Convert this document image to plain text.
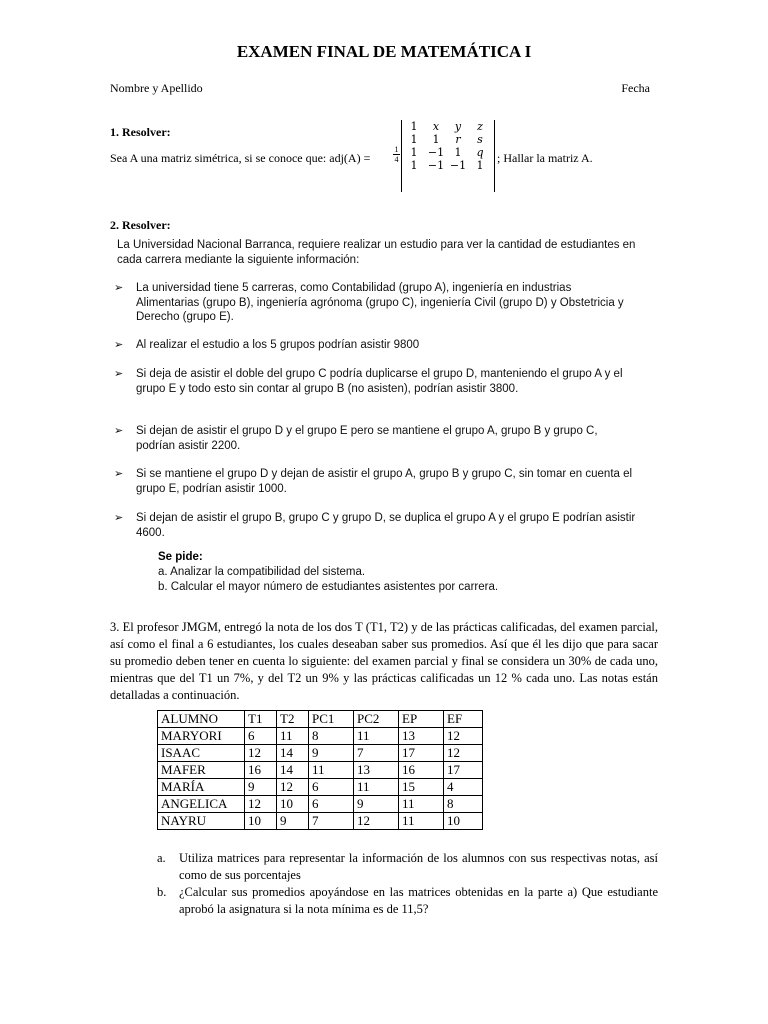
EXAMEN FINAL DE MATEMÁTICA I
Nombre y Apellido	Fecha
1. Resolver:
Sea A una matriz simétrica, si se conoce que: adj(A) =
1
4
1	x	y	z
1	1	r	s
1	−1	1	q
1	−1	−1	1
; Hallar la matriz A.
2. Resolver:
La Universidad Nacional Barranca, requiere realizar un estudio para ver la cantidad de estudiantes en cada carrera mediante la siguiente información:
➢ La universidad tiene 5 carreras, como Contabilidad (grupo A), ingeniería en industrias Alimentarias (grupo B), ingeniería agrónoma (grupo C), ingeniería Civil (grupo D) y Obstetricia y Derecho (grupo E).
➢ Al realizar el estudio a los 5 grupos podrían asistir 9800
➢ Si deja de asistir el doble del grupo C podría duplicarse el grupo D, manteniendo el grupo A y el grupo E y todo esto sin contar al grupo B (no asisten), podrían asistir 3800.
➢ Si dejan de asistir el grupo D y el grupo E pero se mantiene el grupo A, grupo B y grupo C, podrían asistir 2200.
➢ Si se mantiene el grupo D y dejan de asistir el grupo A, grupo B y grupo C, sin tomar en cuenta el grupo E, podrían asistir 1000.
➢ Si dejan de asistir el grupo B, grupo C y grupo D, se duplica el grupo A y el grupo E podrían asistir 4600.
Se pide:
a. Analizar la compatibilidad del sistema.
b. Calcular el mayor número de estudiantes asistentes por carrera.
3. El profesor JMGM, entregó la nota de los dos T (T1, T2) y de las prácticas calificadas, del examen parcial, así como el final a 6 estudiantes, los cuales deseaban saber sus promedios. Así que él les dijo que para sacar su promedio deben tener en cuenta lo siguiente: del examen parcial y final se considera un 30% de cada uno, mientras que del T1 un 7%, y del T2 un 9% y las prácticas calificadas un 12 % cada uno. Las notas están detalladas a continuación.
ALUMNO	T1	T2	PC1	PC2	EP	EF
MARYORI	6	11	8	11	13	12
ISAAC	12	14	9	7	17	12
MAFER	16	14	11	13	16	17
MARÍA	9	12	6	11	15	4
ANGELICA	12	10	6	9	11	8
NAYRU	10	9	7	12	11	10
a. Utiliza matrices para representar la información de los alumnos con sus respectivas notas, así como de sus porcentajes
b. ¿Calcular sus promedios apoyándose en las matrices obtenidas en la parte a) Que estudiante aprobó la asignatura si la nota mínima es de 11,5?
